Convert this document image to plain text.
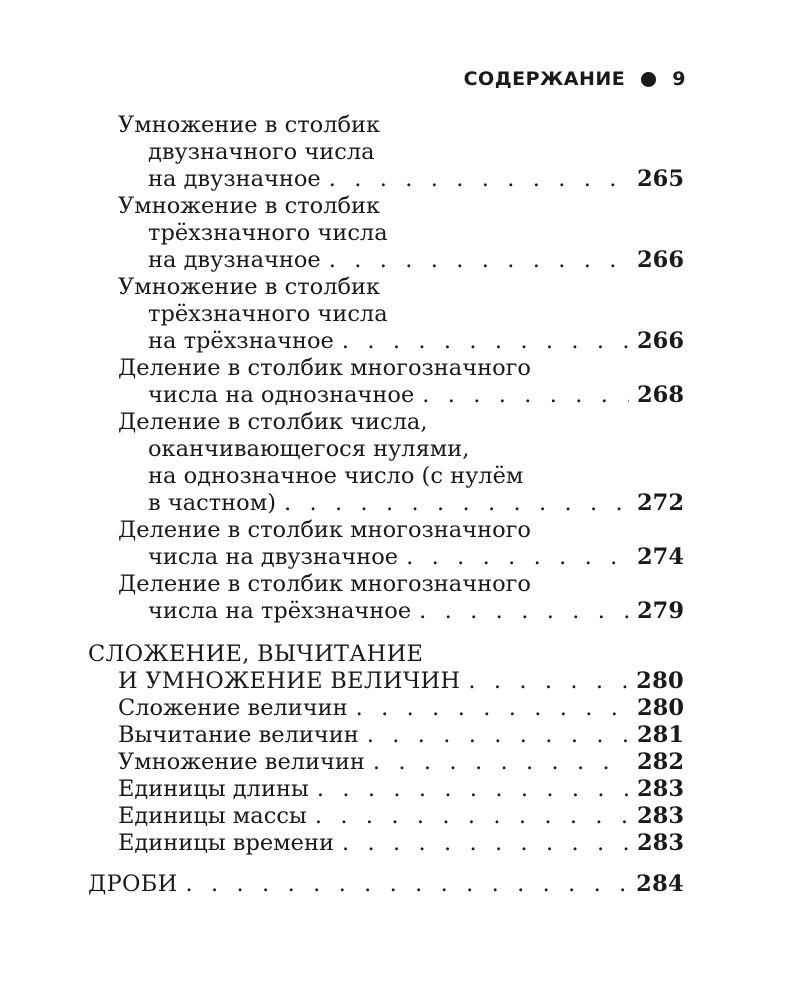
СОДЕРЖАНИЕ 9
Умножение в столбик
двузначного числа
на двузначное . . .	265
Умножение в столбик
трёхзначного числа
на двузначное . . .	266
Умножение в столбик
трёхзначного числа
на трёхзначное . . .	266
Деление в столбик многозначного
числа на однозначное . . .	268
Деление в столбик числа,
оканчивающегося нулями,
на однозначное число (с нулём
в частном) . . .	272
Деление в столбик многозначного
числа на двузначное . . .	274
Деление в столбик многозначного
числа на трёхзначное . . .	279
СЛОЖЕНИЕ, ВЫЧИТАНИЕ
И УМНОЖЕНИЕ ВЕЛИЧИН . . .	280
Сложение величин . . .	280
Вычитание величин . . .	281
Умножение величин . . .	282
Единицы длины . . .	283
Единицы массы . . .	283
Единицы времени . . .	283
ДРОБИ . . .	284
